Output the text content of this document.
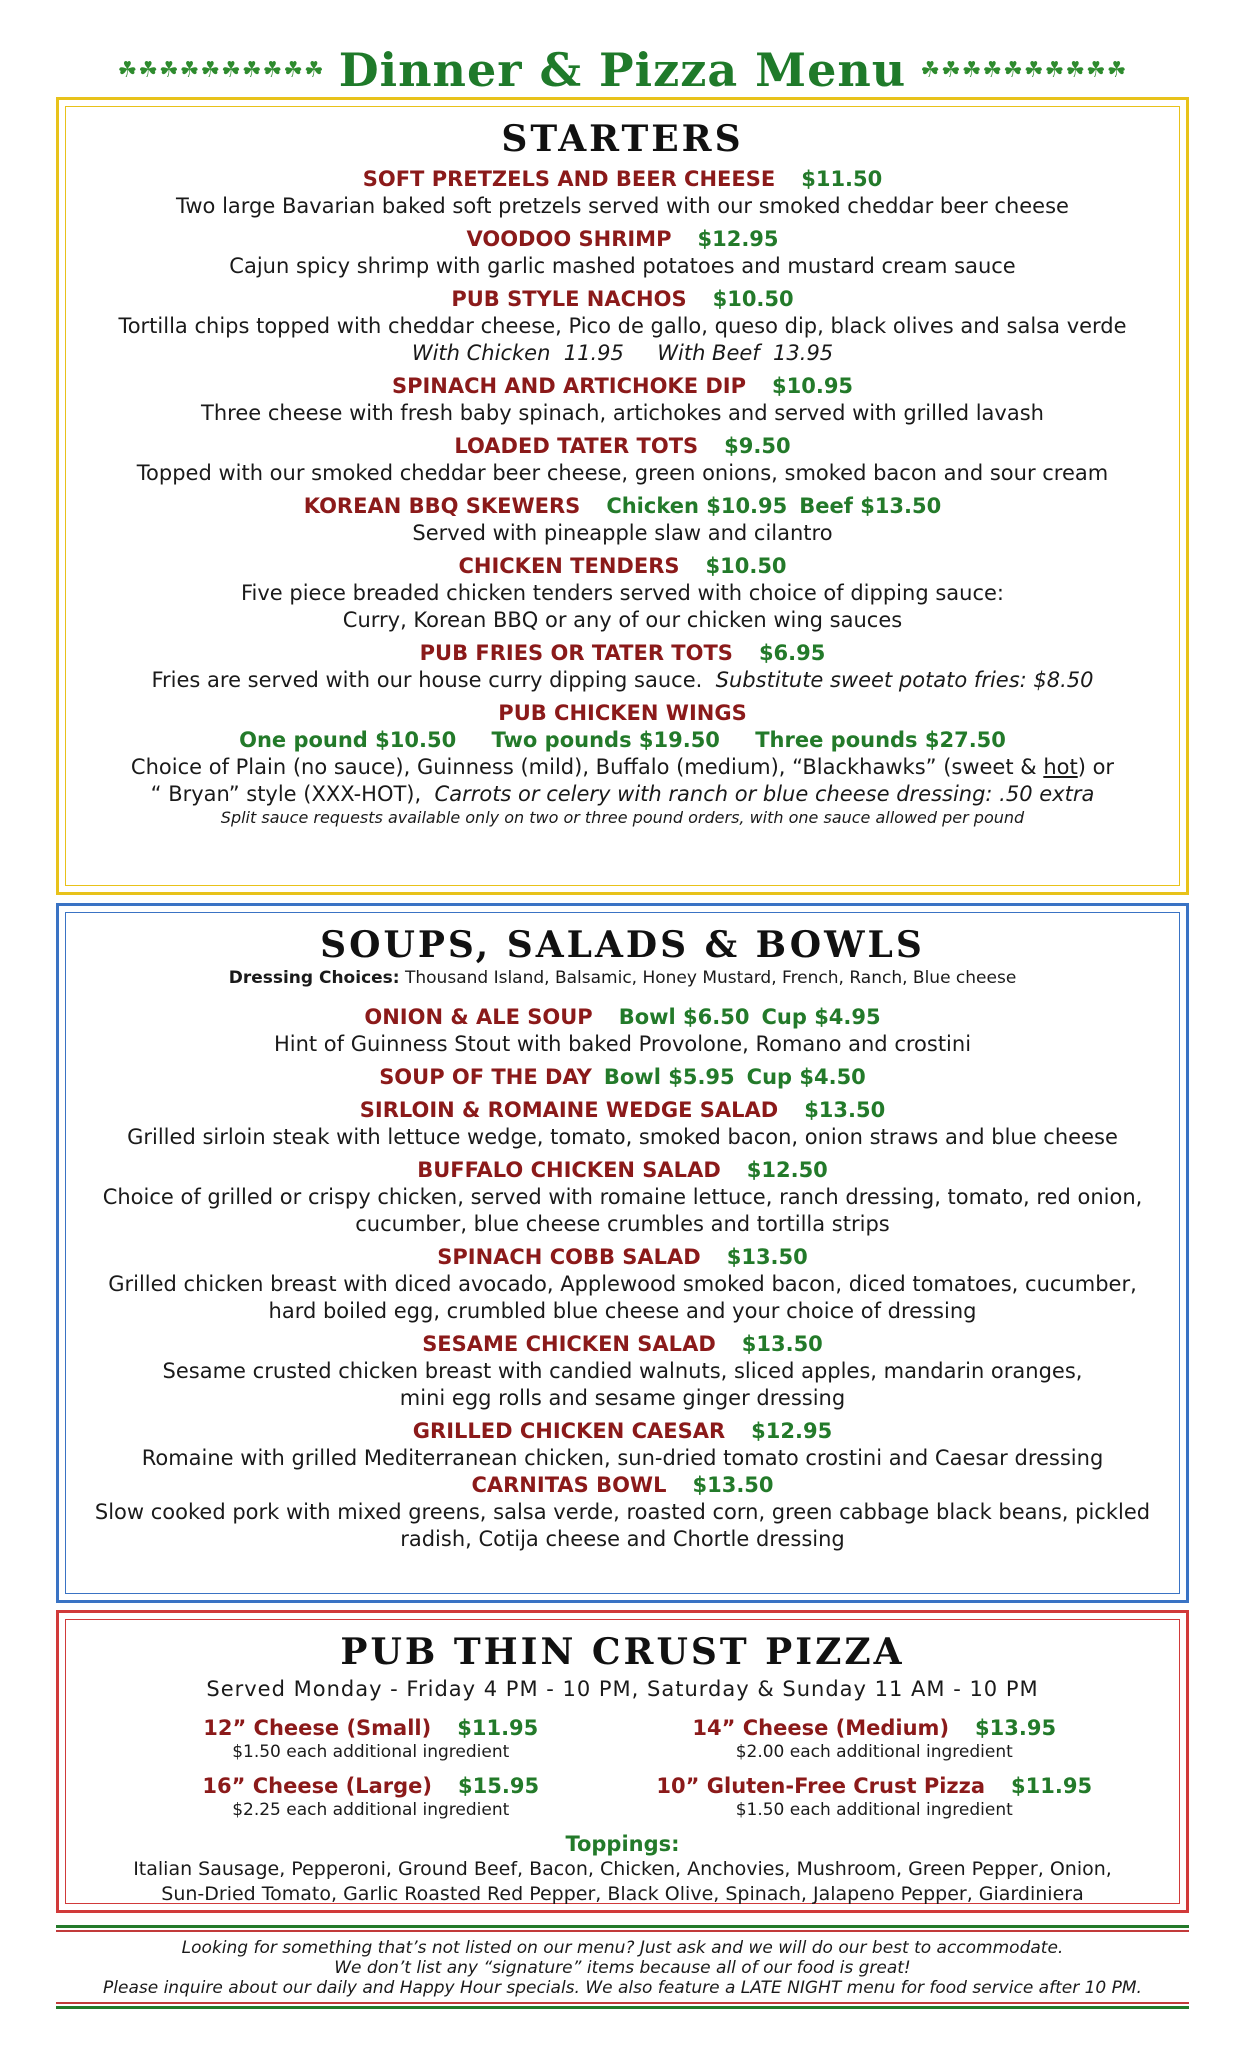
☘☘☘☘☘☘☘☘☘☘ Dinner & Pizza Menu ☘☘☘☘☘☘☘☘☘☘
STARTERS
SOFT PRETZELS AND BEER CHEESE $11.50
Two large Bavarian baked soft pretzels served with our smoked cheddar beer cheese
VOODOO SHRIMP $12.95
Cajun spicy shrimp with garlic mashed potatoes and mustard cream sauce
PUB STYLE NACHOS $10.50
Tortilla chips topped with cheddar cheese, Pico de gallo, queso dip, black olives and salsa verde
With Chicken  11.95     With Beef  13.95
SPINACH AND ARTICHOKE DIP $10.95
Three cheese with fresh baby spinach, artichokes and served with grilled lavash
LOADED TATER TOTS $9.50
Topped with our smoked cheddar beer cheese, green onions, smoked bacon and sour cream
KOREAN BBQ SKEWERS Chicken $10.95 Beef $13.50
Served with pineapple slaw and cilantro
CHICKEN TENDERS $10.50
Five piece breaded chicken tenders served with choice of dipping sauce:
Curry, Korean BBQ or any of our chicken wing sauces
PUB FRIES OR TATER TOTS $6.95
Fries are served with our house curry dipping sauce. Substitute sweet potato fries: $8.50
PUB CHICKEN WINGS
One pound $10.50 Two pounds $19.50 Three pounds $27.50
Choice of Plain (no sauce), Guinness (mild), Buffalo (medium), “Blackhawks” (sweet & hot) or
“ Bryan” style (XXX-HOT), Carrots or celery with ranch or blue cheese dressing: .50 extra
Split sauce requests available only on two or three pound orders, with one sauce allowed per pound
SOUPS, SALADS & BOWLS
Dressing Choices: Thousand Island, Balsamic, Honey Mustard, French, Ranch, Blue cheese
ONION & ALE SOUP Bowl $6.50 Cup $4.95
Hint of Guinness Stout with baked Provolone, Romano and crostini
SOUP OF THE DAY Bowl $5.95 Cup $4.50
SIRLOIN & ROMAINE WEDGE SALAD $13.50
Grilled sirloin steak with lettuce wedge, tomato, smoked bacon, onion straws and blue cheese
BUFFALO CHICKEN SALAD $12.50
Choice of grilled or crispy chicken, served with romaine lettuce, ranch dressing, tomato, red onion,
cucumber, blue cheese crumbles and tortilla strips
SPINACH COBB SALAD $13.50
Grilled chicken breast with diced avocado, Applewood smoked bacon, diced tomatoes, cucumber,
hard boiled egg, crumbled blue cheese and your choice of dressing
SESAME CHICKEN SALAD $13.50
Sesame crusted chicken breast with candied walnuts, sliced apples, mandarin oranges,
mini egg rolls and sesame ginger dressing
GRILLED CHICKEN CAESAR $12.95
Romaine with grilled Mediterranean chicken, sun-dried tomato crostini and Caesar dressing
CARNITAS BOWL $13.50
Slow cooked pork with mixed greens, salsa verde, roasted corn, green cabbage black beans, pickled
radish, Cotija cheese and Chortle dressing
PUB THIN CRUST PIZZA
Served Monday - Friday 4 PM - 10 PM, Saturday & Sunday 11 AM - 10 PM
12” Cheese (Small) $11.95
$1.50 each additional ingredient
14” Cheese (Medium) $13.95
$2.00 each additional ingredient
16” Cheese (Large) $15.95
$2.25 each additional ingredient
10” Gluten-Free Crust Pizza $11.95
$1.50 each additional ingredient
Toppings:
Italian Sausage, Pepperoni, Ground Beef, Bacon, Chicken, Anchovies, Mushroom, Green Pepper, Onion,
Sun-Dried Tomato, Garlic Roasted Red Pepper, Black Olive, Spinach, Jalapeno Pepper, Giardiniera
Looking for something that’s not listed on our menu? Just ask and we will do our best to accommodate.
We don’t list any “signature” items because all of our food is great!
Please inquire about our daily and Happy Hour specials. We also feature a LATE NIGHT menu for food service after 10 PM.
